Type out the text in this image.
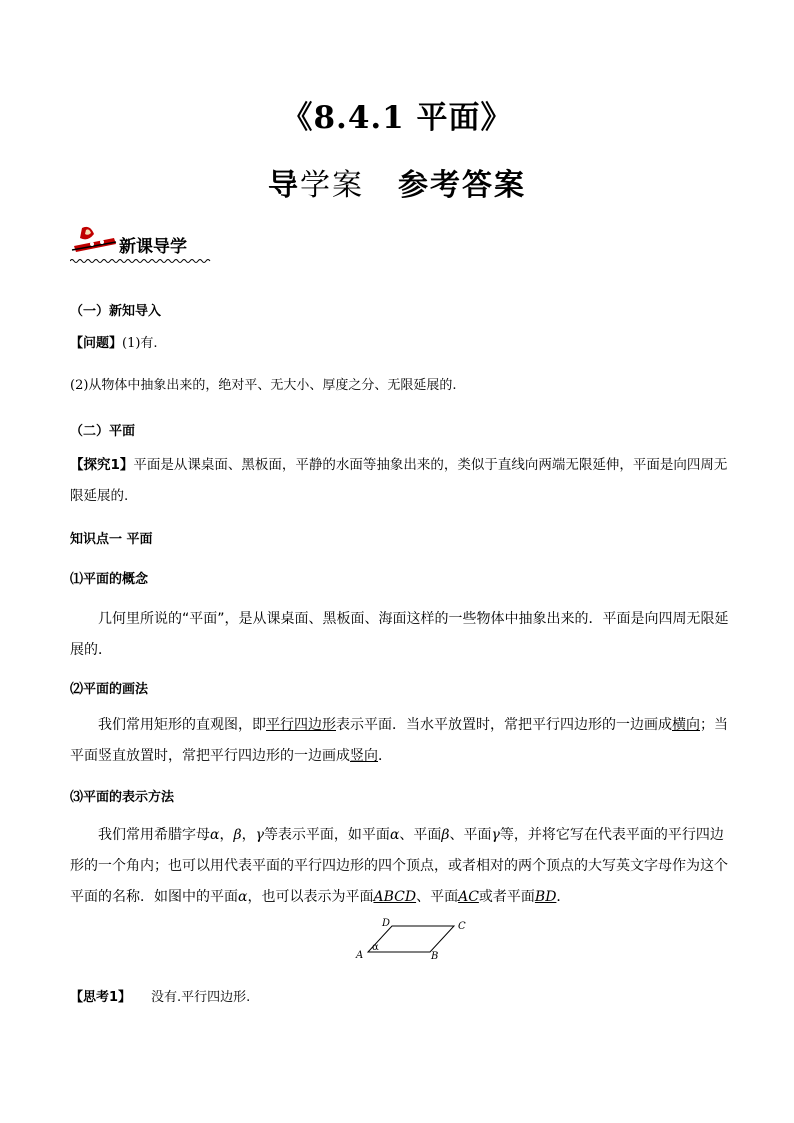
《8.4.1 平面》
导学案 参考答案
新课导学
（一）新知导入
【问题】(1)有.
(2)从物体中抽象出来的，绝对平、无大小、厚度之分、无限延展的.
（二）平面
【探究1】平面是从课桌面、黑板面，平静的水面等抽象出来的，类似于直线向两端无限延伸，平面是向四周无限延展的.
知识点一 平面
⑴平面的概念
几何里所说的“平面”，是从课桌面、黑板面、海面这样的一些物体中抽象出来的．平面是向四周无限延展的．
⑵平面的画法
我们常用矩形的直观图，即平行四边形表示平面．当水平放置时，常把平行四边形的一边画成横向；当平面竖直放置时，常把平行四边形的一边画成竖向．
⑶平面的表示方法
我们常用希腊字母α，β，γ等表示平面，如平面α、平面β、平面γ等，并将它写在代表平面的平行四边形的一个角内；也可以用代表平面的平行四边形的四个顶点，或者相对的两个顶点的大写英文字母作为这个平面的名称．如图中的平面α，也可以表示为平面ABCD、平面AC或者平面BD．
D	C
A	B
α
【思考1】 没有.平行四边形.
